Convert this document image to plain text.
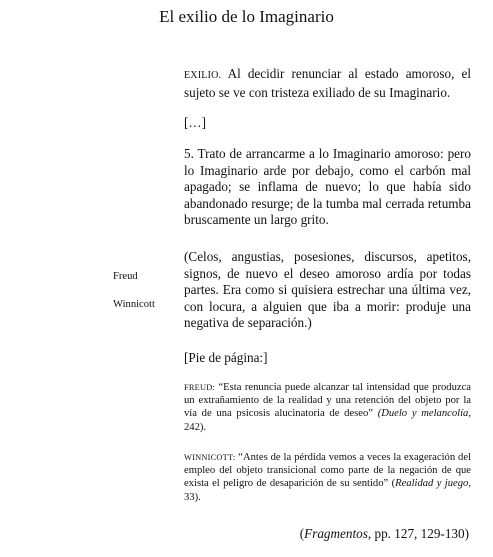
El exilio de lo Imaginario
EXILIO. Al decidir renunciar al estado amoroso, el sujeto se ve con tristeza exiliado de su Imaginario.
[…]
5. Trato de arrancarme a lo Imaginario amoroso: pero lo Imaginario arde por debajo, como el carbón mal apagado; se inflama de nuevo; lo que había sido abandonado resurge; de la tumba mal cerrada retumba bruscamente un largo grito.
(Celos, angustias, posesiones, discursos, apetitos, signos, de nuevo el deseo amoroso ardía por todas partes. Era como si quisiera estrechar una última vez, con locura, a alguien que iba a morir: produje una negativa de separación.)
Freud
Winnicott
[Pie de página:]
FREUD: “Esta renuncia puede alcanzar tal intensidad que produzca un extrañamiento de la realidad y una retención del objeto por la vía de una psicosis alucinatoria de deseo” (Duelo y melancolía, 242).
WINNICOTT: “Antes de la pérdida vemos a veces la exageración del empleo del objeto transicional como parte de la negación de que exista el peligro de desaparición de su sentido” (Realidad y juego, 33).
(Fragmentos, pp. 127, 129-130)
